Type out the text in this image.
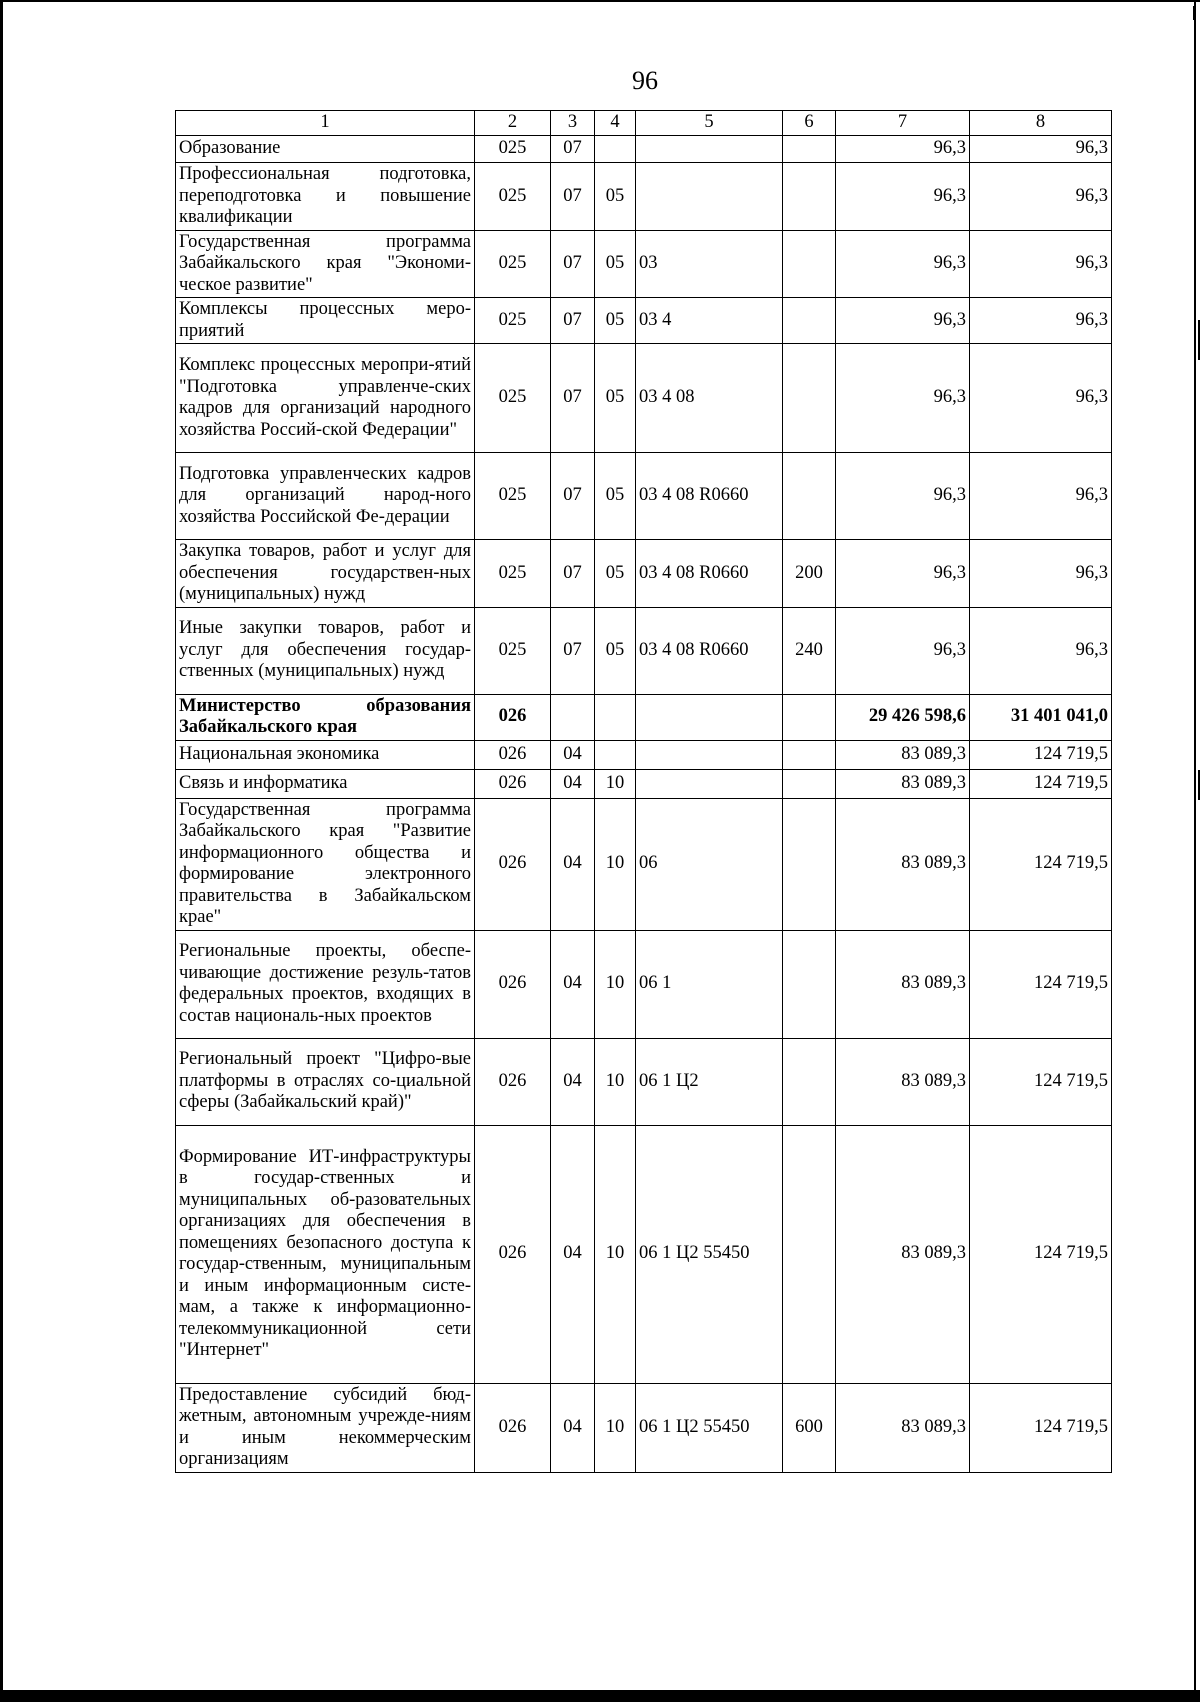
96
1	2	3	4	5	6	7	8
Образование	025	07				96,3	96,3
Профессиональная подготовка, переподготовка и повышение квалификации	025	07	05			96,3	96,3
Государственная программа Забайкальского края "Экономи-ческое развитие"	025	07	05	03		96,3	96,3
Комплексы процессных меро-приятий	025	07	05	03 4		96,3	96,3
Комплекс процессных меропри-ятий "Подготовка управленче-ских кадров для организаций народного хозяйства Россий-ской Федерации"	025	07	05	03 4 08		96,3	96,3
Подготовка управленческих кадров для организаций народ-ного хозяйства Российской Фе-дерации	025	07	05	03 4 08 R0660		96,3	96,3
Закупка товаров, работ и услуг для обеспечения государствен-ных (муниципальных) нужд	025	07	05	03 4 08 R0660	200	96,3	96,3
Иные закупки товаров, работ и услуг для обеспечения государ-ственных (муниципальных) нужд	025	07	05	03 4 08 R0660	240	96,3	96,3
Министерство образования Забайкальского края	026					29 426 598,6	31 401 041,0
Национальная экономика	026	04				83 089,3	124 719,5
Связь и информатика	026	04	10			83 089,3	124 719,5
Государственная программа Забайкальского края "Развитие информационного общества и формирование электронного правительства в Забайкальском крае"	026	04	10	06		83 089,3	124 719,5
Региональные проекты, обеспе-чивающие достижение резуль-татов федеральных проектов, входящих в состав националь-ных проектов	026	04	10	06 1		83 089,3	124 719,5
Региональный проект "Цифро-вые платформы в отраслях со-циальной сферы (Забайкальский край)"	026	04	10	06 1 Ц2		83 089,3	124 719,5
Формирование ИТ-инфраструктуры в государ-ственных и муниципальных об-разовательных организациях для обеспечения в помещениях безопасного доступа к государ-ственным, муниципальным и иным информационным систе-мам, а также к информационно-телекоммуникационной сети "Интернет"	026	04	10	06 1 Ц2 55450		83 089,3	124 719,5
Предоставление субсидий бюд-жетным, автономным учрежде-ниям и иным некоммерческим организациям	026	04	10	06 1 Ц2 55450	600	83 089,3	124 719,5
